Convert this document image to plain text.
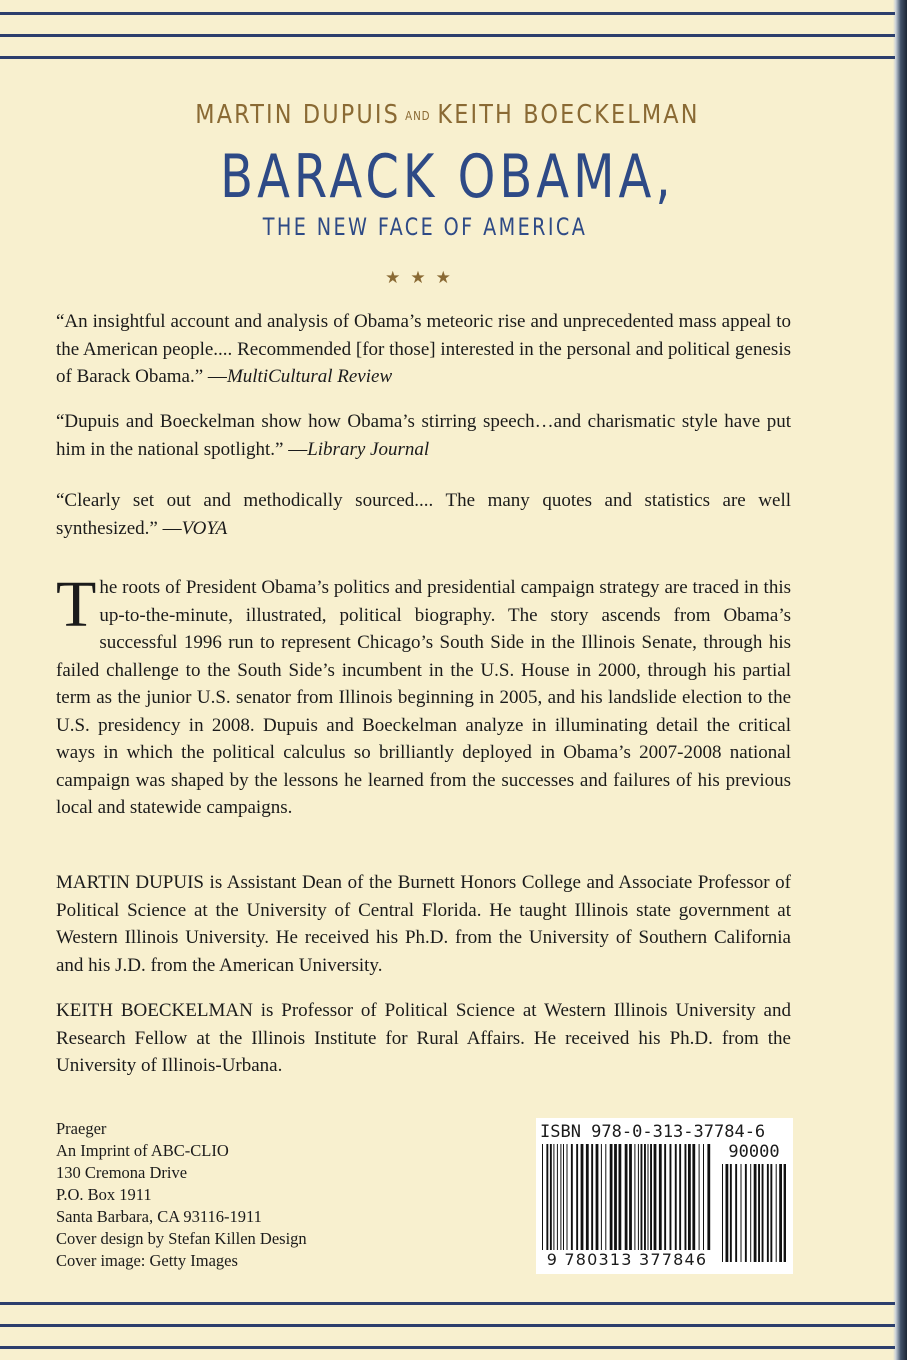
MARTIN DUPUIS AND KEITH BOECKELMAN
BARACK OBAMA,
THE NEW FACE OF AMERICA
★★★

“An insightful account and analysis of Obama’s meteoric rise and unprecedented mass appeal to the American people.... Recommended [for those] interested in the personal and political genesis of Barack Obama.” —MultiCultural Review

“Dupuis and Boeckelman show how Obama’s stirring speech…and charismatic style have put him in the national spotlight.” —Library Journal

“Clearly set out and methodically sourced.... The many quotes and statistics are well synthesized.” —VOYA

The roots of President Obama’s politics and presidential campaign strategy are traced in this up-to-the-minute, illustrated, political biography. The story ascends from Obama’s successful 1996 run to represent Chicago’s South Side in the Illinois Senate, through his failed challenge to the South Side’s incumbent in the U.S. House in 2000, through his partial term as the junior U.S. senator from Illinois beginning in 2005, and his landslide election to the U.S. presidency in 2008. Dupuis and Boeckelman analyze in illuminating detail the critical ways in which the political calculus so brilliantly deployed in Obama’s 2007-2008 national campaign was shaped by the lessons he learned from the successes and failures of his previous local and statewide campaigns.

MARTIN DUPUIS is Assistant Dean of the Burnett Honors College and Associate Professor of Political Science at the University of Central Florida. He taught Illinois state government at Western Illinois University. He received his Ph.D. from the University of Southern California and his J.D. from the American University.

KEITH BOECKELMAN is Professor of Political Science at Western Illinois University and Research Fellow at the Illinois Institute for Rural Affairs. He received his Ph.D. from the University of Illinois-Urbana.

Praeger
An Imprint of ABC-CLIO
130 Cremona Drive
P.O. Box 1911
Santa Barbara, CA 93116-1911
Cover design by Stefan Killen Design
Cover image: Getty Images
ISBN 978-0-313-37784-6
90000
9 780313 377846
